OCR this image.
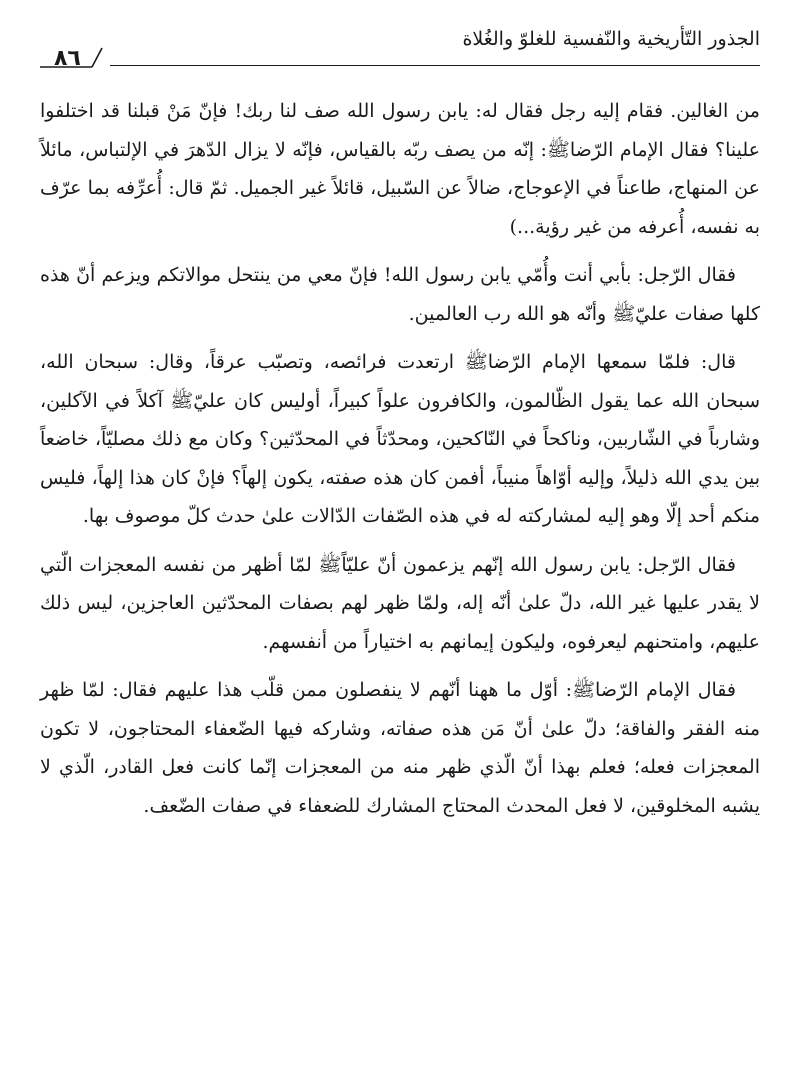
الجذور التّأريخية والنّفسية للغلوّ والغُلاة
٨٦

من الغالين. فقام إليه رجل فقال له: يابن رسول الله صف لنا ربك! فإنّ مَنْ قبلنا قد اختلفوا علينا؟ فقال الإمام الرّضاﷺ: إنّه من يصف ربّه بالقياس، فإنّه لا يزال الدّهرَ في الإلتباس، مائلاً عن المنهاج، طاعناً في الإعوجاج، ضالاً عن السّبيل، قائلاً غير الجميل. ثمّ قال: أُعرِّفه بما عرّف به نفسه، أُعرفه من غير رؤية...)

فقال الرّجل: بأبي أنت وأُمّي يابن رسول الله! فإنّ معي من ينتحل موالاتكم ويزعم أنّ هذه كلها صفات عليّﷺ وأنّه هو الله رب العالمين.

قال: فلمّا سمعها الإمام الرّضاﷺ ارتعدت فرائصه، وتصبّب عرقاً، وقال: سبحان الله، سبحان الله عما يقول الظّالمون، والكافرون علواً كبيراً، أوليس كان عليّﷺ آكلاً في الآكلين، وشارباً في الشّاربين، وناكحاً في النّاكحين، ومحدّثاً في المحدّثين؟ وكان مع ذلك مصليّاً، خاضعاً بين يدي الله ذليلاً، وإليه أوّاهاً منيباً، أفمن كان هذه صفته، يكون إلهاً؟ فإنْ كان هذا إلهاً، فليس منكم أحد إلّا وهو إليه لمشاركته له في هذه الصّفات الدّالات علىٰ حدث كلّ موصوف بها.

فقال الرّجل: يابن رسول الله إنّهم يزعمون أنّ عليّاًﷺ لمّا أظهر من نفسه المعجزات الّتي لا يقدر عليها غير الله، دلّ علىٰ أنّه إله، ولمّا ظهر لهم بصفات المحدّثين العاجزين، ليس ذلك عليهم، وامتحنهم ليعرفوه، وليكون إيمانهم به اختياراً من أنفسهم.

فقال الإمام الرّضاﷺ: أوّل ما ههنا أنّهم لا ينفصلون ممن قلّب هذا عليهم فقال: لمّا ظهر منه الفقر والفاقة؛ دلّ علىٰ أنّ مَن هذه صفاته، وشاركه فيها الضّعفاء المحتاجون، لا تكون المعجزات فعله؛ فعلم بهذا أنّ الّذي ظهر منه من المعجزات إنّما كانت فعل القادر، الّذي لا يشبه المخلوقين، لا فعل المحدث المحتاج المشارك للضعفاء في صفات الضّعف.
